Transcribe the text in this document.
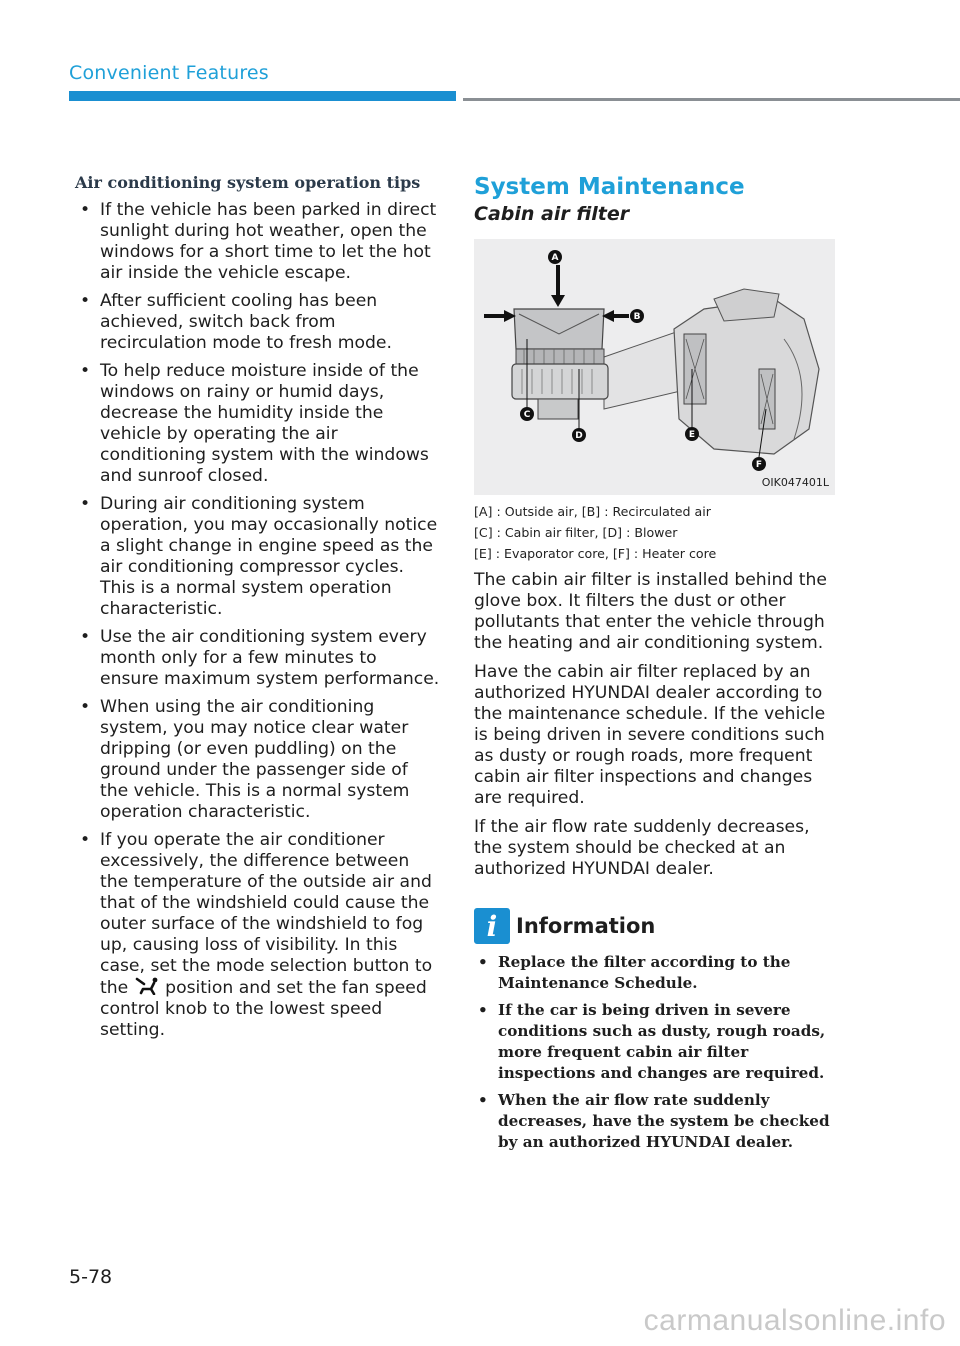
Convenient Features
Air conditioning system operation tips
• If the vehicle has been parked in direct sunlight during hot weather, open the windows for a short time to let the hot air inside the vehicle escape.
• After sufficient cooling has been achieved, switch back from recirculation mode to fresh mode.
• To help reduce moisture inside of the windows on rainy or humid days, decrease the humidity inside the vehicle by operating the air conditioning system with the windows and sunroof closed.
• During air conditioning system operation, you may occasionally notice a slight change in engine speed as the air conditioning compressor cycles. This is a normal system operation characteristic.
• Use the air conditioning system every month only for a few minutes to ensure maximum system performance.
• When using the air conditioning system, you may notice clear water dripping (or even puddling) on the ground under the passenger side of the vehicle. This is a normal system operation characteristic.
• If you operate the air conditioner excessively, the difference between the temperature of the outside air and that of the windshield could cause the outer surface of the windshield to fog up, causing loss of visibility. In this case, set the mode selection button to the position and set the fan speed control knob to the lowest speed setting.
System Maintenance
Cabin air filter
A
B
C
D	E
F
OIK047401L
[A] : Outside air, [B] : Recirculated air
[C] : Cabin air filter, [D] : Blower
[E] : Evaporator core, [F] : Heater core

The cabin air filter is installed behind the glove box. It filters the dust or other pollutants that enter the vehicle through the heating and air conditioning system.

Have the cabin air filter replaced by an authorized HYUNDAI dealer according to the maintenance schedule. If the vehicle is being driven in severe conditions such as dusty or rough roads, more frequent cabin air filter inspections and changes are required.

If the air flow rate suddenly decreases, the system should be checked at an authorized HYUNDAI dealer.

i Information
• Replace the filter according to the Maintenance Schedule.
• If the car is being driven in severe conditions such as dusty, rough roads, more frequent cabin air filter inspections and changes are required.
• When the air flow rate suddenly decreases, have the system be checked by an authorized HYUNDAI dealer.
5-78
carmanualsonline.info
